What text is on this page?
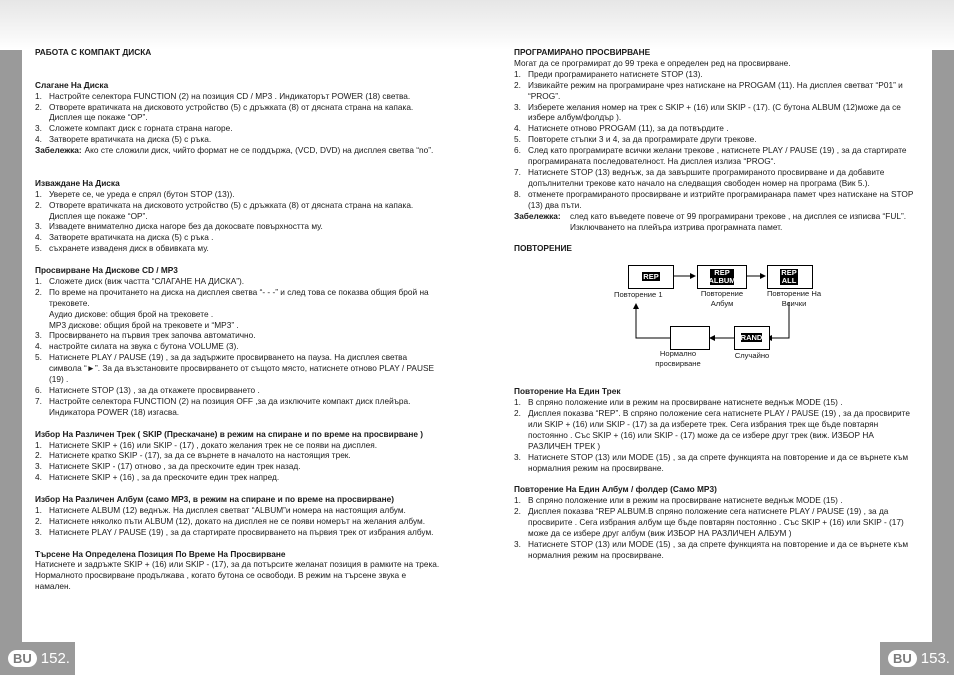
BU 152.	BU 153.

РАБОТА С КОМПАКТ ДИСКА

Слагане На Диска

1. Настройте селектора FUNCTION (2) на позиция CD / MP3 . Индикаторът POWER (18) светва.
2. Отворете вратичката на дисковото устройство (5) с дръжката (8) от дясната страна на капака. Дисплея ще покаже “OP”.
3. Сложете компакт диск с горната страна нагоре.
4. Затворете вратичката на диска (5) с ръка.
Забележка: Ако сте сложили диск, чийто формат не се поддържа, (VCD, DVD) на дисплея светва “no”.

Изваждане На Диска

1. Уверете се, че уреда е спрял (бутон STOP (13)).
2. Отворете вратичката на дисковото устройство (5) с дръжката (8) от дясната страна на капака. Дисплея ще покаже “OP”.
3. Извадете внимателно диска нагоре без да докосвате повърхността му.
4. Затворете вратичката на диска (5) с ръка .
5. съхранете изваденя диск в обвивката му.

Просвирване На Дискове CD / MP3

1. Сложете диск (виж частта “СЛАГАНЕ НА ДИСКА”).
2. По време на прочитането на диска на дисплея светва “- - -” и след това се показва общия брой на трековете.
Аудио дискове: общия брой на трековете .
MP3 дискове: общия брой на трековете и “MP3” .
3. Просвирването на първия трек започва автоматично.
4. настройте силата на звука с бутона VOLUME (3).
5. Натиснете PLAY / PAUSE (19) , за да задържите просвирването на пауза. На дисплея светва символа “►”. За да възстановите просвирването от същото място, натиснете отново PLAY / PAUSE (19) .
6. Натиснете STOP (13) , за да откажете просвирването .
7. Настройте селектора FUNCTION (2) на позиция OFF ,за да изключите компакт диск плейъра. Индикатора POWER (18) изгасва.

Избор На Различен Трек ( SKIP (Прескачане) в режим на спиране и по време на просвирване )

1. Натиснете SKIP + (16) или SKIP - (17) , докато желания трек не се появи на дисплея.
2. Натиснете кратко SKIP - (17), за да се върнете в началото на настоящия трек.
3. Натиснете SKIP - (17) отново , за да прескочите един трек назад.
4. Натиснете SKIP + (16) , за да прескочите един трек напред.

Избор На Различен Албум (само MP3, в режим на спиране и по време на просвирване)

1. Натиснете ALBUM (12) веднъж. На дисплея светват “ALBUM”и номера на настоящия албум.
2. Натиснете няколко пъти ALBUM (12), докато на дисплея не се появи номерът на желания албум.
3. Натиснете PLAY / PAUSE (19) , за да стартирате просвирването на първия трек от избрания албум.

Търсене На Определена Позиция По Време На Просвирване

Натиснете и задръжте SKIP + (16) или SKIP - (17), за да потърсите желанат позиция в рамките на трека. Нормалното просвирване продължава , когато бутона се освободи. В режим на търсене звука е намален.

ПРОГРАМИРАНО ПРОСВИРВАНЕ

Могат да се програмират до 99 трека е определен ред на просвирване.

1. Преди програмирането натиснете STOP (13).
2. Извикайте режим на програмиране чрез натискане на PROGAM (11). На дисплея светват “P01” и “PROG”.
3. Изберете желания номер на трек с SKIP + (16) или SKIP - (17). (С бутона ALBUM (12)може да се избере албум/фолдър ).
4. Натиснете отново PROGAM (11), за да потвърдите .
5. Повторете стъпки 3 и 4, за да програмирате други трекове.
6. След като програмирате всички желани трекове , натиснете PLAY / PAUSE (19) , за да стартирате програмираната последователност. На дисплея излиза “PROG“.
7. Натиснете STOP (13) веднъж, за да завършите програмираното просвирване и да добавите допълнителни трекове като начало на следващия свободен номер на програма (Вик 5.).
8. отменете програмираното просвирване и изтрийте програмиранара памет чрез натискане на STOP (13) два пъти.
Забележка:	след като въведете повече от 99 програмирани трекове , на дисплея се изписва “FUL”.
Изключването на плейъра изтрива програмната памет.

ПОВТОРЕНИЕ

REP	REP
ALBUM
REP
ALL
RAND
Повторение 1	Повторение
Албум
Повторение На
Всички
Случайно
Нормално
просвирване

Повторение На Един Трек

1. В спряно положение или в режим на просвирване натиснете веднъж MODE (15) .
2. Дисплея показва “REP”. В спряно положение сега натиснете PLAY / PAUSE (19) , за да просвирите или SKIP + (16) или SKIP - (17) за да изберете трек. Сега избрания трек ще бъде повтарян постоянно . Със SKIP + (16) или SKIP - (17) може да се избере друг трек (виж. ИЗБОР НА РАЗЛИЧЕН ТРЕК )
3. Натиснете STOP (13) или MODE (15) , за да спрете функцията на повторение и да се върнете към нормалния режим на просвирване.

Повторение На Един Албум / фолдер (Само MP3)

1. В спряно положение или в режим на просвирване натиснете веднъж MODE (15) .
2. Дисплея показва “REP ALBUM.В спряно положение сега натиснете PLAY / PAUSE (19) , за да просвирите . Сега избрания албум ще бъде повтарян постоянно . Със SKIP + (16) или SKIP - (17) може да се избере друг албум (виж ИЗБОР НА РАЗЛИЧЕН АЛБУМ )
3. Натиснете STOP (13) или MODE (15) , за да спрете функцията на повторение и да се върнете към нормалния режим на просвирване.
